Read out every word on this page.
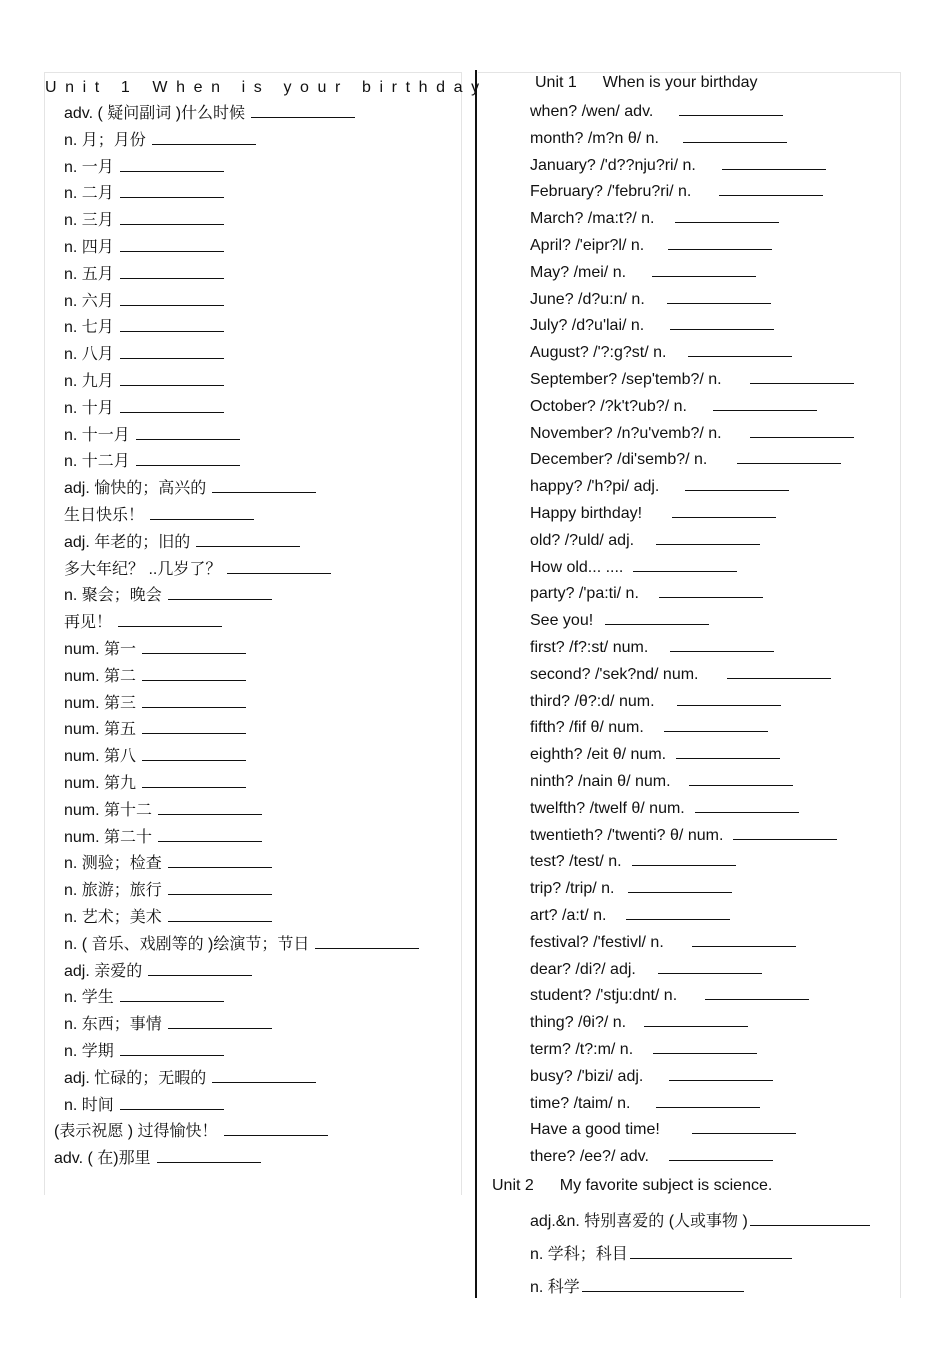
Unit 1 When is your birthday
adv. ( 疑问副词 )什么时候
n. 月；月份
n. 一月
n. 二月
n. 三月
n. 四月
n. 五月
n. 六月
n. 七月
n. 八月
n. 九月
n. 十月
n. 十一月
n. 十二月
adj. 愉快的；高兴的
生日快乐！
adj. 年老的；旧的
多大年纪？ ..几岁了？
n. 聚会；晚会
再见！
num. 第一
num. 第二
num. 第三
num. 第五
num. 第八
num. 第九
num. 第十二
num. 第二十
n. 测验；检查
n. 旅游；旅行
n. 艺术；美术
n. ( 音乐、戏剧等的 )绘演节；节日
adj. 亲爱的
n. 学生
n. 东西；事情
n. 学期
adj. 忙碌的；无暇的
n. 时间
(表示祝愿 ) 过得愉快！
adv. ( 在)那里
Unit 1 When is your birthday
when? /wen/ adv.
month? /m?n θ/ n.
January? /'d??nju?ri/ n.
February? /'febru?ri/ n.
March? /ma:t?/ n.
April? /'eipr?l/ n.
May? /mei/ n.
June? /d?u:n/ n.
July? /d?u'lai/ n.
August? /'?:g?st/ n.
September? /sep'temb?/ n.
October? /?k't?ub?/ n.
November? /n?u'vemb?/ n.
December? /di'semb?/ n.
happy? /'h?pi/ adj.
Happy birthday!
old? /?uld/ adj.
How old... ....
party? /'pa:ti/ n.
See you!
first? /f?:st/ num.
second? /'sek?nd/ num.
third? /θ?:d/ num.
fifth? /fif θ/ num.
eighth? /eit θ/ num.
ninth? /nain θ/ num.
twelfth? /twelf θ/ num.
twentieth? /'twenti? θ/ num.
test? /test/ n.
trip? /trip/ n.
art? /a:t/ n.
festival? /'festivl/ n.
dear? /di?/ adj.
student? /'stju:dnt/ n.
thing? /θi?/ n.
term? /t?:m/ n.
busy? /'bizi/ adj.
time? /taim/ n.
Have a good time!
there? /ee?/ adv.
Unit 2 My favorite subject is science.
adj.&n. 特别喜爱的 (人或事物 )
n. 学科；科目
n. 科学
